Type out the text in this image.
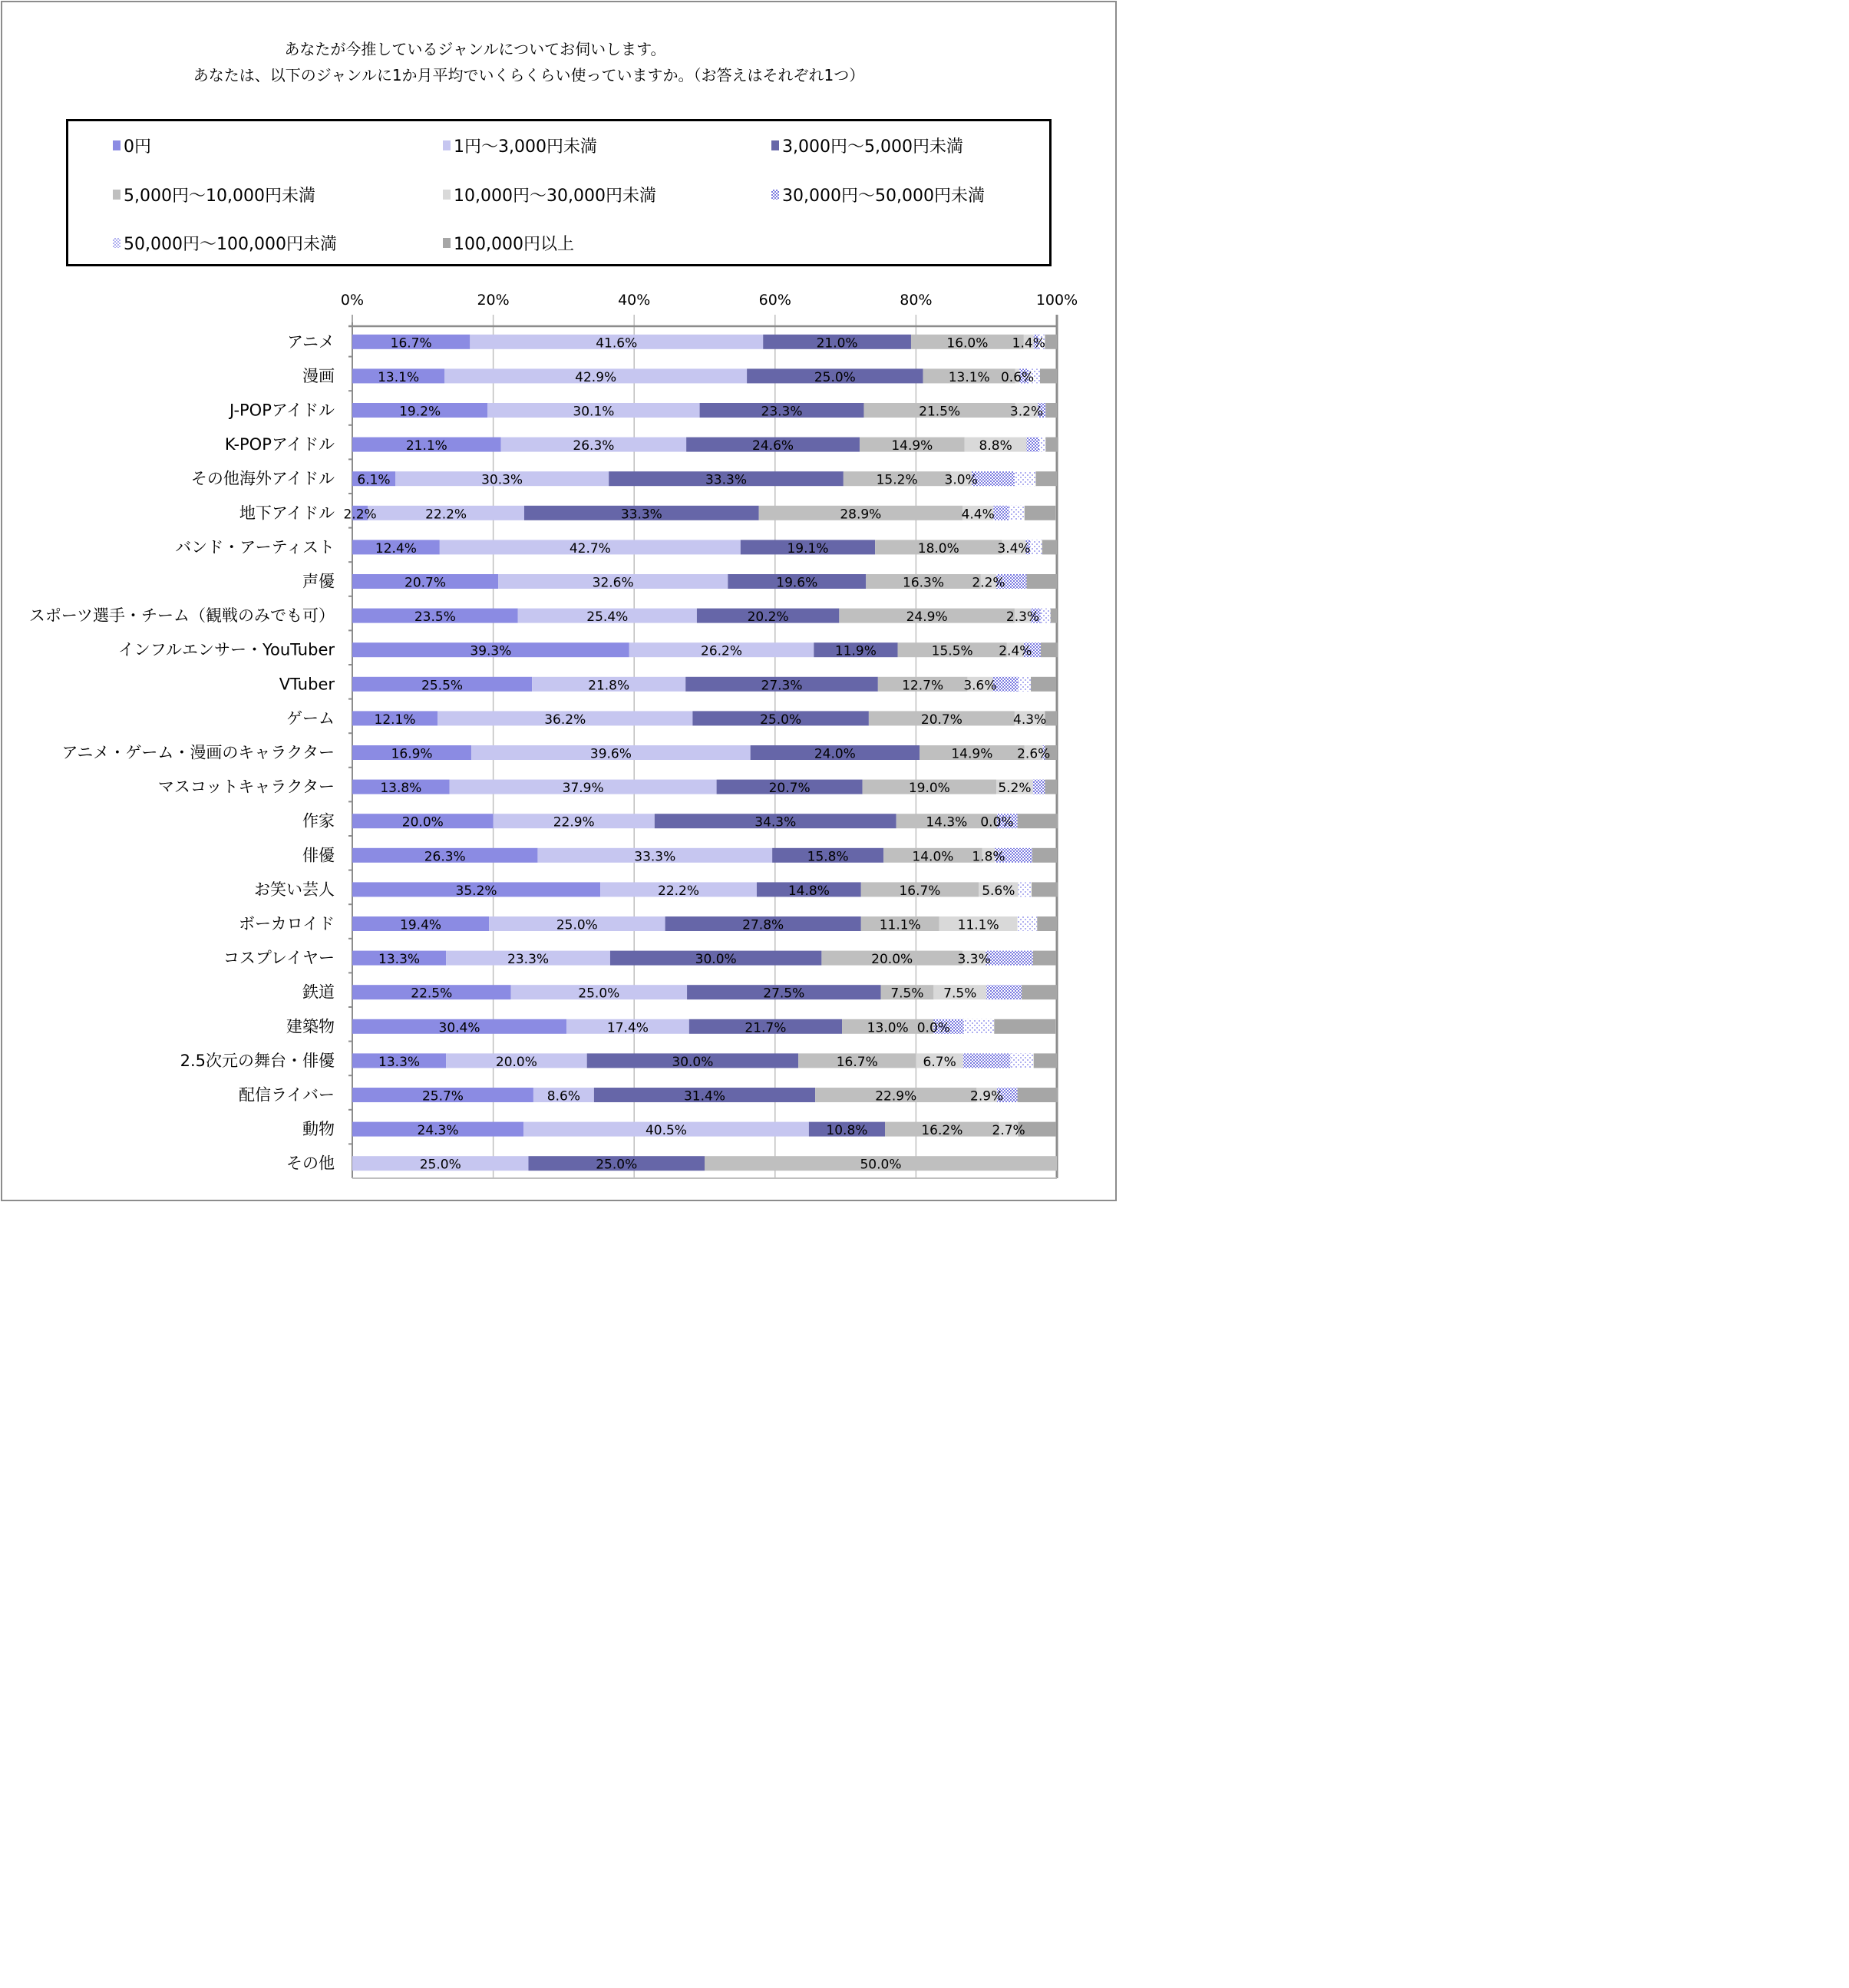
あなたが今推しているジャンルについてお伺いします。
あなたは、以下のジャンルに1か月平均でいくらくらい使っていますか。（お答えはそれぞれ1つ）
0円	1円～3,000円未満	3,000円～5,000円未満
5,000円～10,000円未満	10,000円～30,000円未満	30,000円～50,000円未満
50,000円～100,000円未満	100,000円以上
0%	20%	40%	60%	80%	100%
アニメ	16.7%	41.6%	21.0%	16.0% 1.4%
漫画	13.1%	42.9%	25.0%	13.1% 0.6%
J-POPアイドル	19.2%	30.1%	23.3%	21.5%	3.2%
K-POPアイドル	21.1%	26.3%	24.6%	14.9%	8.8%
その他海外アイドル 6.1%	30.3%	33.3%	15.2% 3.0%
地下アイドル 2.2%	22.2%	33.3%	28.9%	4.4%
バンド・アーティスト	12.4%	42.7%	19.1%	18.0%	3.4%
声優	20.7%	32.6%	19.6%	16.3% 2.2%
スポーツ選手・チーム（観戦のみでも可）	23.5%	25.4%	20.2%	24.9%	2.3%
インフルエンサー・YouTuber	39.3%	26.2%	11.9%	15.5% 2.4%
VTuber	25.5%	21.8%	27.3%	12.7% 3.6%
ゲーム	12.1%	36.2%	25.0%	20.7%	4.3%
アニメ・ゲーム・漫画のキャラクター	16.9%	39.6%	24.0%	14.9% 2.6%
マスコットキャラクター	13.8%	37.9%	20.7%	19.0%	5.2%
作家	20.0%	22.9%	34.3%	14.3% 0.0%
俳優	26.3%	33.3%	15.8%	14.0% 1.8%
お笑い芸人	35.2%	22.2%	14.8%	16.7%	5.6%
ボーカロイド	19.4%	25.0%	27.8%	11.1%	11.1%
コスプレイヤー	13.3%	23.3%	30.0%	20.0%	3.3%
鉄道	22.5%	25.0%	27.5%	7.5% 7.5%
建築物	30.4%	17.4%	21.7%	13.0% 0.0%
2.5次元の舞台・俳優	13.3%	20.0%	30.0%	16.7%	6.7%
配信ライバー	25.7%	8.6%	31.4%	22.9%	2.9%
動物	24.3%	40.5%	10.8%	16.2% 2.7%
その他	25.0%	25.0%	50.0%
